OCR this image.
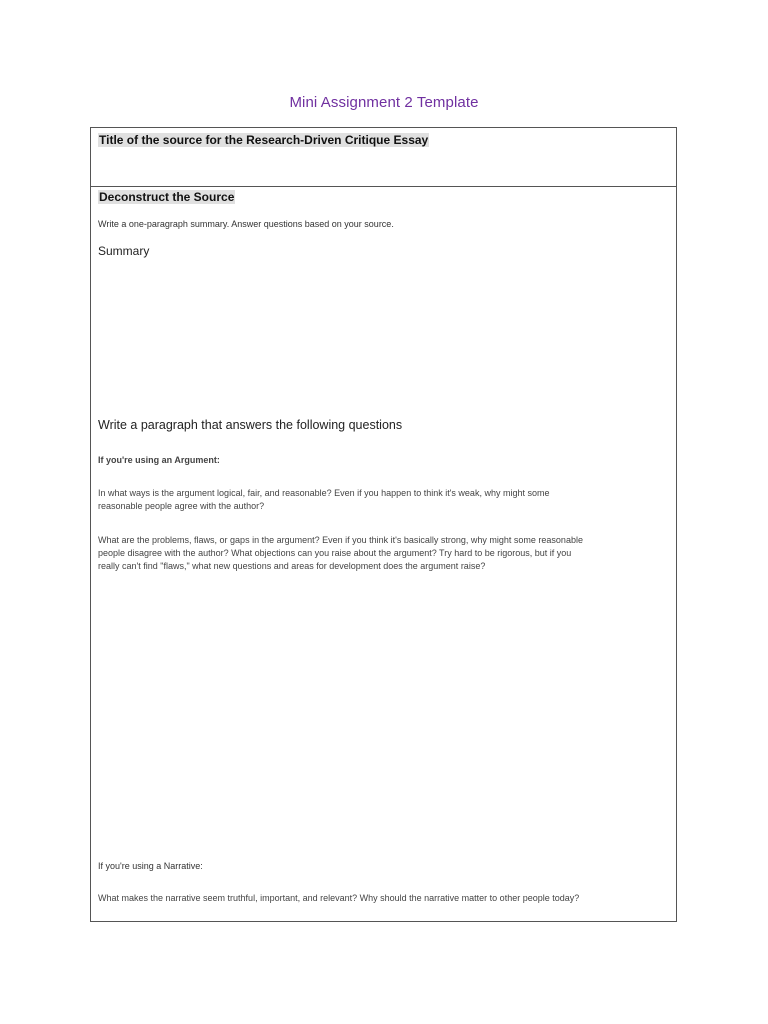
Mini Assignment 2 Template
Title of the source for the Research-Driven Critique Essay
Deconstruct the Source
Write a one-paragraph summary. Answer questions based on your source.
Summary
Write a paragraph that answers the following questions
If you're using an Argument:
In what ways is the argument logical, fair, and reasonable? Even if you happen to think it's weak, why might some
reasonable people agree with the author?
What are the problems, flaws, or gaps in the argument? Even if you think it's basically strong, why might some reasonable
people disagree with the author? What objections can you raise about the argument? Try hard to be rigorous, but if you
really can't find "flaws," what new questions and areas for development does the argument raise?
If you're using a Narrative:
What makes the narrative seem truthful, important, and relevant? Why should the narrative matter to other people today?
